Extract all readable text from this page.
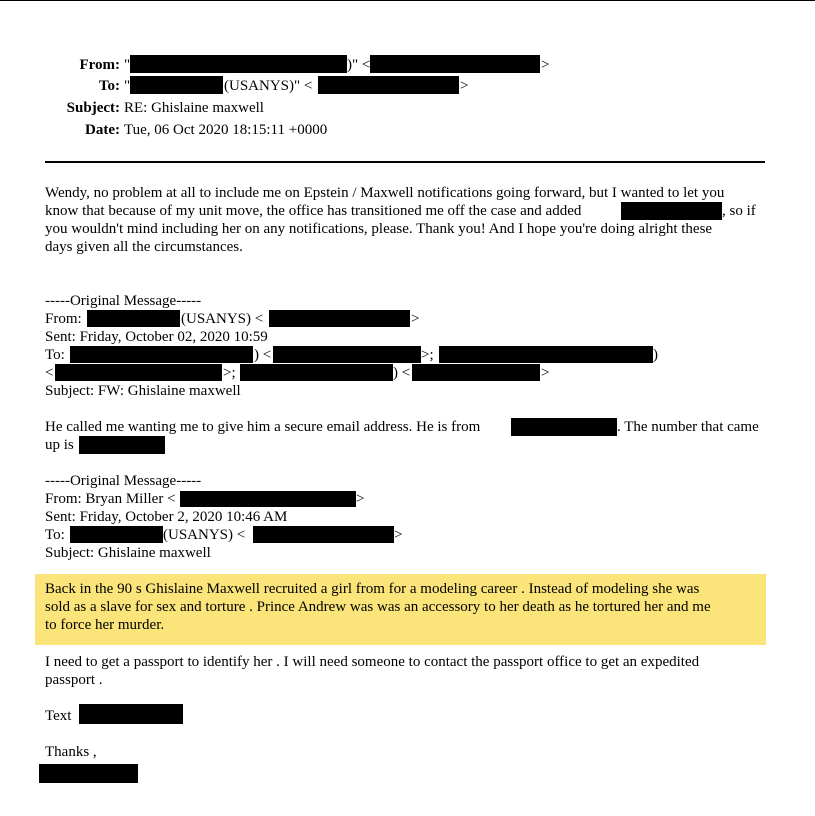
From: "	)" <	>
To: "	(USANYS)" <	>
Subject: RE: Ghislaine maxwell
Date: Tue, 06 Oct 2020 18:15:11 +0000
Wendy, no problem at all to include me on Epstein / Maxwell notifications going forward, but I wanted to let you
know that because of my unit move, the office has transitioned me off the case and added	, so if
you wouldn't mind including her on any notifications, please. Thank you! And I hope you're doing alright these
days given all the circumstances.
-----Original Message-----
From:	(USANYS) <	>
Sent: Friday, October 02, 2020 10:59
To:	) <	>;	)
<	>;	) <	>
Subject: FW: Ghislaine maxwell
He called me wanting me to give him a secure email address. He is from	. The number that came
up is
-----Original Message-----
From: Bryan Miller <	>
Sent: Friday, October 2, 2020 10:46 AM
To:	(USANYS) <	>
Subject: Ghislaine maxwell
Back in the 90 s Ghislaine Maxwell recruited a girl from for a modeling career . Instead of modeling she was
sold as a slave for sex and torture . Prince Andrew was was an accessory to her death as he tortured her and me
to force her murder.
I need to get a passport to identify her . I will need someone to contact the passport office to get an expedited
passport .
Text
Thanks ,
